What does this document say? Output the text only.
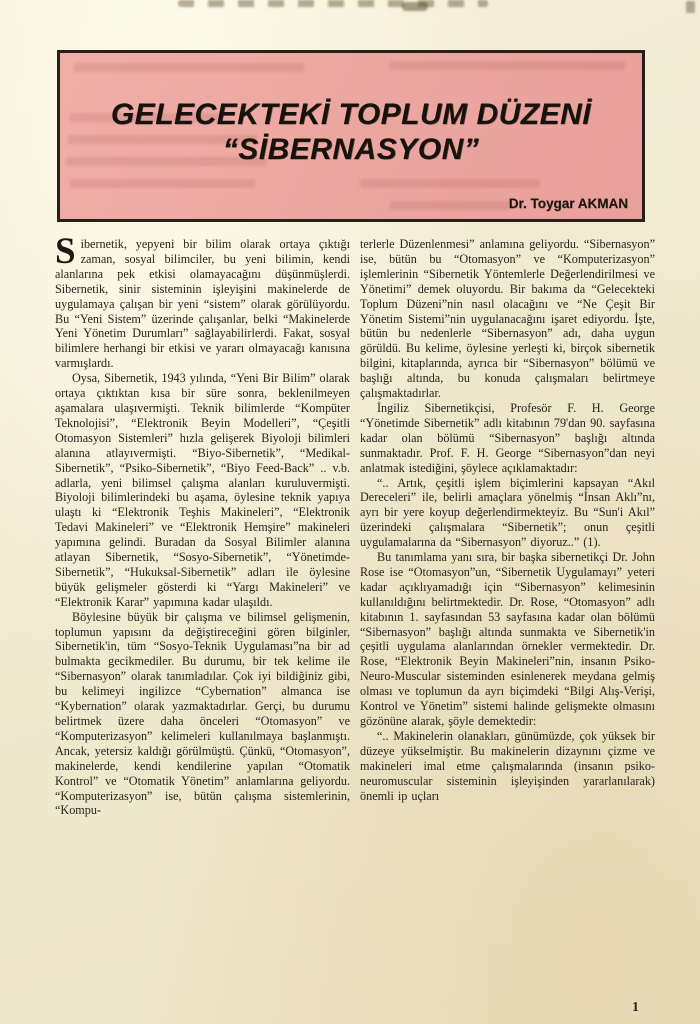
GELECEKTEKİ TOPLUM DÜZENİ
“SİBERNASYON”
Dr. Toygar AKMAN

Sibernetik, yepyeni bir bilim olarak ortaya çıktığı zaman, sosyal bilimciler, bu yeni bilimin, kendi alanlarına pek etkisi olamayacağını düşünmüşlerdi. Sibernetik, sinir sisteminin işleyişini makinelerde de uygulamaya çalışan bir yeni “sistem” olarak görülüyordu. Bu “Yeni Sistem” üzerinde çalışanlar, belki “Makinelerde Yeni Yönetim Durumları” sağlayabilirlerdi. Fakat, sosyal bilimlere herhangi bir etkisi ve yararı olmayacağı kanısına varmışlardı.

Oysa, Sibernetik, 1943 yılında, “Yeni Bir Bilim” olarak ortaya çıktıktan kısa bir süre sonra, beklenilmeyen aşamalara ulaşıvermişti. Teknik bilimlerde “Kompüter Teknolojisi”, “Elektronik Beyin Modelleri”, “Çeşitli Otomasyon Sistemleri” hızla gelişerek Biyoloji bilimleri alanına atlayıvermişti. “Biyo-Sibernetik”, “Medikal-Sibernetik”, “Psiko-Sibernetik”, “Biyo Feed-Back” .. v.b. adlarla, yeni bilimsel çalışma alanları kuruluvermişti. Biyoloji bilimlerindeki bu aşama, öylesine teknik yapıya ulaştı ki “Elektronik Teşhis Makineleri”, “Elektronik Tedavi Makineleri” ve “Elektronik Hemşire” makineleri yapımına gelindi. Buradan da Sosyal Bilimler alanına atlayan Sibernetik, “Sosyo-Sibernetik”, “Yönetimde-Sibernetik”, “Hukuksal-Sibernetik” adları ile öylesine büyük gelişmeler gösterdi ki “Yargı Makineleri” ve “Elektronik Karar” yapımına kadar ulaşıldı.

Böylesine büyük bir çalışma ve bilimsel gelişmenin, toplumun yapısını da değiştireceğini gören bilginler, Sibernetik'in, tüm “Sosyo-Teknik Uygulaması”na bir ad bulmakta gecikmediler. Bu durumu, bir tek kelime ile “Sibernasyon” olarak tanımladılar. Çok iyi bildiğiniz gibi, bu kelimeyi ingilizce “Cybernation” almanca ise “Kybernation” olarak yazmaktadırlar. Gerçi, bu durumu belirtmek üzere daha önceleri “Otomasyon” ve “Komputerizasyon” kelimeleri kullanılmaya başlanmıştı. Ancak, yetersiz kaldığı görülmüştü. Çünkü, “Otomasyon”, makinelerde, kendi kendilerine yapılan “Otomatik Kontrol” ve “Otomatik Yönetim” anlamlarına geliyordu. “Komputerizasyon” ise, bütün çalışma sistemlerinin, “Kompu-

terlerle Düzenlenmesi” anlamına geliyordu. “Sibernasyon” ise, bütün bu “Otomasyon” ve “Komputerizasyon” işlemlerinin “Sibernetik Yöntemlerle Değerlendirilmesi ve Yönetimi” demek oluyordu. Bir bakıma da “Gelecekteki Toplum Düzeni”nin nasıl olacağını ve “Ne Çeşit Bir Yönetim Sistemi”nin uygulanacağını işaret ediyordu. İşte, bütün bu nedenlerle “Sibernasyon” adı, daha uygun görüldü. Bu kelime, öylesine yerleşti ki, birçok sibernetik bilgini, kitaplarında, ayrıca bir “Sibernasyon” bölümü ve başlığı altında, bu konuda çalışmaları belirtmeye çalışmaktadırlar.

İngiliz Sibernetikçisi, Profesör F. H. George “Yönetimde Sibernetik” adlı kitabının 79'dan 90. sayfasına kadar olan bölümü “Sibernasyon” başlığı altında sunmaktadır. Prof. F. H. George “Sibernasyon”dan neyi anlatmak istediğini, şöylece açıklamaktadır:

“.. Artık, çeşitli işlem biçimlerini kapsayan “Akıl Dereceleri” ile, belirli amaçlara yönelmiş “İnsan Aklı”nı, ayrı bir yere koyup değerlendirmekteyiz. Bu “Sun'i Akıl” üzerindeki çalışmalara “Sibernetik”; onun çeşitli uygulamalarına da “Sibernasyon” diyoruz..” (1).

Bu tanımlama yanı sıra, bir başka sibernetikçi Dr. John Rose ise “Otomasyon”un, “Sibernetik Uygulamayı” yeteri kadar açıklıyamadığı için “Sibernasyon” kelimesinin kullanıldığını belirtmektedir. Dr. Rose, “Otomasyon” adlı kitabının 1. sayfasından 53 sayfasına kadar olan bölümü “Sibernasyon” başlığı altında sunmakta ve Sibernetik'in çeşitli uygulama alanlarından örnekler vermektedir. Dr. Rose, “Elektronik Beyin Makineleri”nin, insanın Psiko-Neuro-Muscular sisteminden esinlenerek meydana gelmiş olması ve toplumun da ayrı biçimdeki “Bilgi Alış-Verişi, Kontrol ve Yönetim” sistemi halinde gelişmekte olmasını gözönüne alarak, şöyle demektedir:

“.. Makinelerin olanakları, günümüzde, çok yüksek bir düzeye yükselmiştir. Bu makinelerin dizaynını çizme ve makineleri imal etme çalışmalarında (insanın psiko-neuromuscular sisteminin işleyişinden yararlanılarak) önemli ip uçları

1
